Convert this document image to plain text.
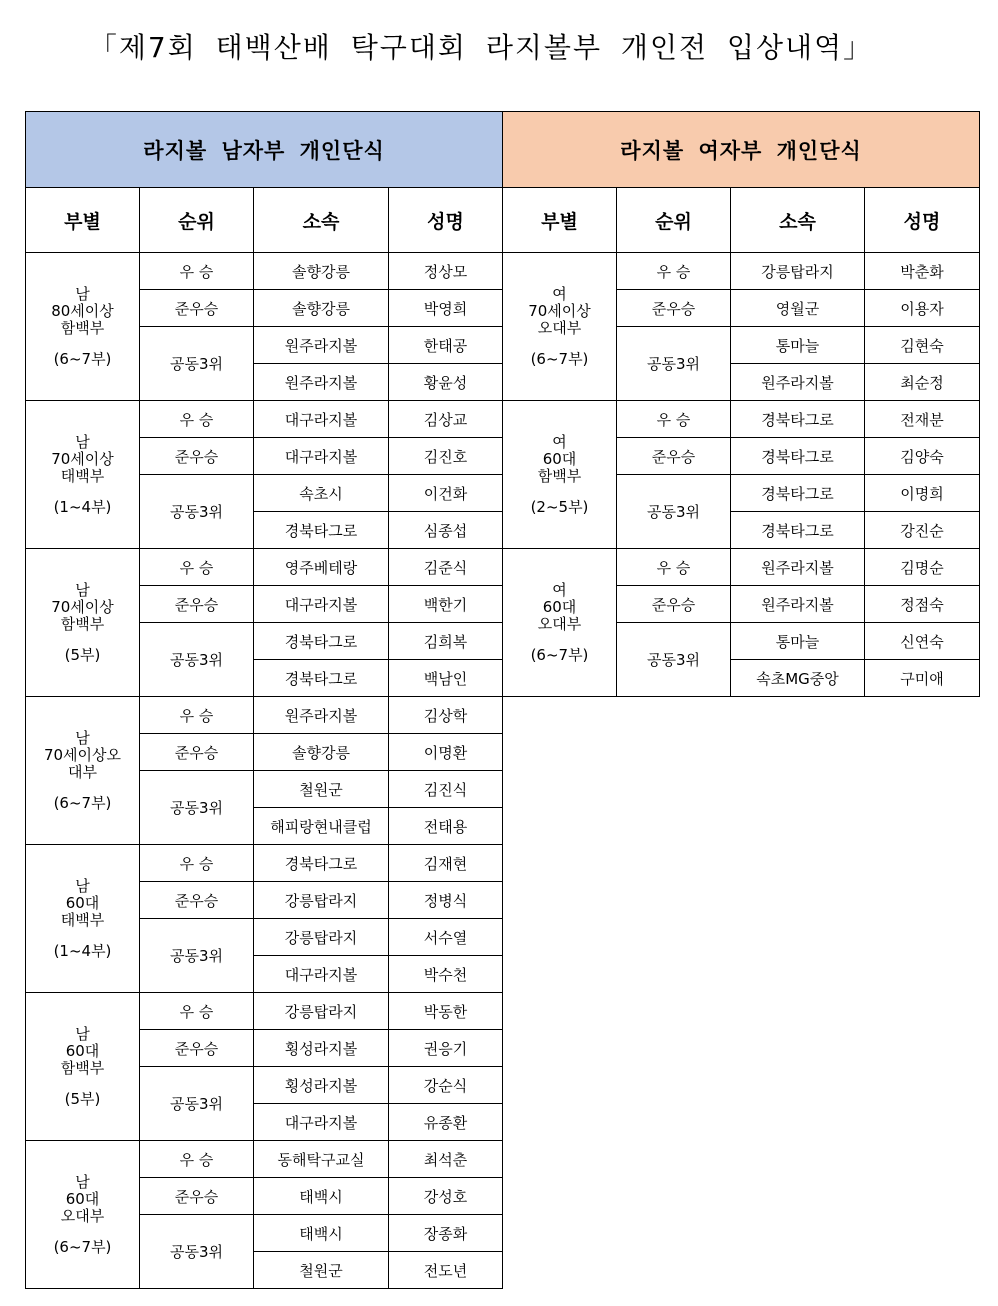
「제7회 태백산배 탁구대회 라지볼부 개인전 입상내역」
라지볼 남자부 개인단식			
부별	순위	소속	성명

남
80세이상
함백부
(6~7부)	우 승	솔향강릉	정상모
	준우승	솔향강릉	박영희
	공동3위	원주라지볼	한태공
		원주라지볼	황윤성

남
70세이상
태백부
(1~4부)	우 승	대구라지볼	김상교
	준우승	대구라지볼	김진호
	공동3위	속초시	이건화
		경북타그로	심종섭

남
70세이상
함백부
(5부)	우 승	영주베테랑	김준식
	준우승	대구라지볼	백한기
	공동3위	경북타그로	김희복
		경북타그로	백남인

남
70세이상오
대부
(6~7부)	우 승	원주라지볼	김상학
	준우승	솔향강릉	이명환
	공동3위	철원군	김진식
		해피랑현내클럽	전태용

남
60대
태백부
(1~4부)	우 승	경북타그로	김재현
	준우승	강릉탑라지	정병식
	공동3위	강릉탑라지	서수열
		대구라지볼	박수천

남
60대
함백부
(5부)	우 승	강릉탑라지	박동한
	준우승	횡성라지볼	권응기
	공동3위	횡성라지볼	강순식
		대구라지볼	유종환

남
60대
오대부
(6~7부)	우 승	동해탁구교실	최석춘
	준우승	태백시	강성호
	공동3위	태백시	장종화
		철원군	전도년
라지볼 여자부 개인단식			
부별	순위	소속	성명

여
70세이상
오대부
(6~7부)	우 승	강릉탑라지	박춘화
	준우승	영월군	이용자
	공동3위	통마늘	김현숙
		원주라지볼	최순정

여
60대
함백부
(2~5부)	우 승	경북타그로	전재분
	준우승	경북타그로	김양숙
	공동3위	경북타그로	이명희
		경북타그로	강진순

여
60대
오대부
(6~7부)	우 승	원주라지볼	김명순
	준우승	원주라지볼	정점숙
	공동3위	통마늘	신연숙
		속초MG중앙	구미애
